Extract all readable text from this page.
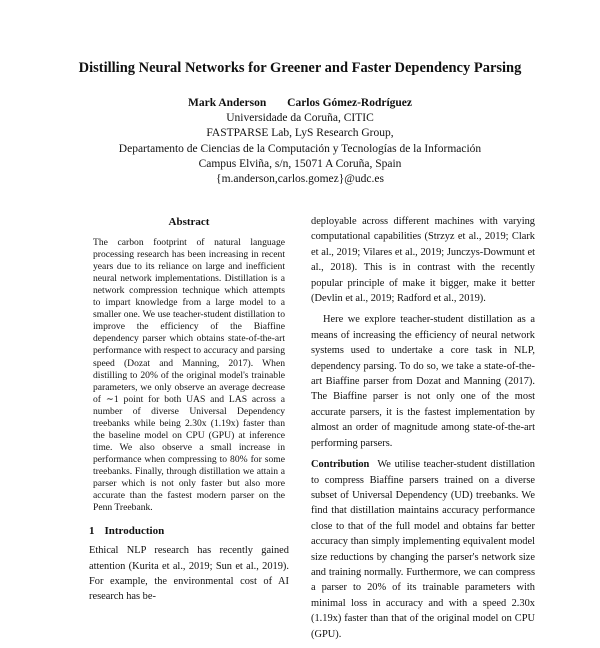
Distilling Neural Networks for Greener and Faster Dependency Parsing
Mark Anderson Carlos Gómez-Rodríguez
Universidade da Coruña, CITIC
FASTPARSE Lab, LyS Research Group,
Departamento de Ciencias de la Computación y Tecnologías de la Información
Campus Elviña, s/n, 15071 A Coruña, Spain
{m.anderson,carlos.gomez}@udc.es
Abstract

The carbon footprint of natural language processing research has been increasing in recent years due to its reliance on large and inefficient neural network implementations. Distillation is a network compression technique which attempts to impart knowledge from a large model to a smaller one. We use teacher-student distillation to improve the efficiency of the Biaffine dependency parser which obtains state-of-the-art performance with respect to accuracy and parsing speed (Dozat and Manning, 2017). When distilling to 20% of the original model's trainable parameters, we only observe an average decrease of ∼1 point for both UAS and LAS across a number of diverse Universal Dependency treebanks while being 2.30x (1.19x) faster than the baseline model on CPU (GPU) at inference time. We also observe a small increase in performance when compressing to 80% for some treebanks. Finally, through distillation we attain a parser which is not only faster but also more accurate than the fastest modern parser on the Penn Treebank.

1 Introduction

Ethical NLP research has recently gained attention (Kurita et al., 2019; Sun et al., 2019). For example, the environmental cost of AI research has be-

deployable across different machines with varying computational capabilities (Strzyz et al., 2019; Clark et al., 2019; Vilares et al., 2019; Junczys-Dowmunt et al., 2018). This is in contrast with the recently popular principle of make it bigger, make it better (Devlin et al., 2019; Radford et al., 2019).

Here we explore teacher-student distillation as a means of increasing the efficiency of neural network systems used to undertake a core task in NLP, dependency parsing. To do so, we take a state-of-the-art Biaffine parser from Dozat and Manning (2017). The Biaffine parser is not only one of the most accurate parsers, it is the fastest implementation by almost an order of magnitude among state-of-the-art performing parsers.

Contribution We utilise teacher-student distillation to compress Biaffine parsers trained on a diverse subset of Universal Dependency (UD) treebanks. We find that distillation maintains accuracy performance close to that of the full model and obtains far better accuracy than simply implementing equivalent model size reductions by changing the parser's network size and training normally. Furthermore, we can compress a parser to 20% of its trainable parameters with minimal loss in accuracy and with a speed 2.30x (1.19x) faster than that of the original model on CPU (GPU).
